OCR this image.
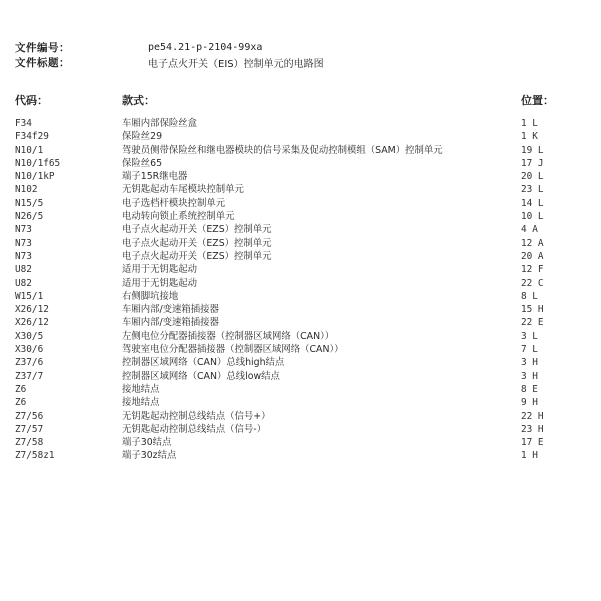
文件编号：	pe54.21-p-2104-99xa
文件标题：	电子点火开关（EIS）控制单元的电路图
代码：	款式：	位置：
F34	车厢内部保险丝盒	1 L
F34f29	保险丝29	1 K
N10/1	驾驶员侧带保险丝和继电器模块的信号采集及促动控制模组（SAM）控制单元	19 L
N10/1f65	保险丝65	17 J
N10/1kP	端子15R继电器	20 L
N102	无钥匙起动车尾模块控制单元	23 L
N15/5	电子选档杆模块控制单元	14 L
N26/5	电动转向锁止系统控制单元	10 L
N73	电子点火起动开关（EZS）控制单元	4 A
N73	电子点火起动开关（EZS）控制单元	12 A
N73	电子点火起动开关（EZS）控制单元	20 A
U82	适用于无钥匙起动	12 F
U82	适用于无钥匙起动	22 C
W15/1	右侧脚坑接地	8 L
X26/12	车厢内部/变速箱插接器	15 H
X26/12	车厢内部/变速箱插接器	22 E
X30/5	左侧电位分配器插接器（控制器区域网络（CAN））	3 L
X30/6	驾驶室电位分配器插接器（控制器区域网络（CAN））	7 L
Z37/6	控制器区域网络（CAN）总线high结点	3 H
Z37/7	控制器区域网络（CAN）总线low结点	3 H
Z6	接地结点	8 E
Z6	接地结点	9 H
Z7/56	无钥匙起动控制总线结点（信号+）	22 H
Z7/57	无钥匙起动控制总线结点（信号-）	23 H
Z7/58	端子30结点	17 E
Z7/58z1	端子30z结点	1 H
